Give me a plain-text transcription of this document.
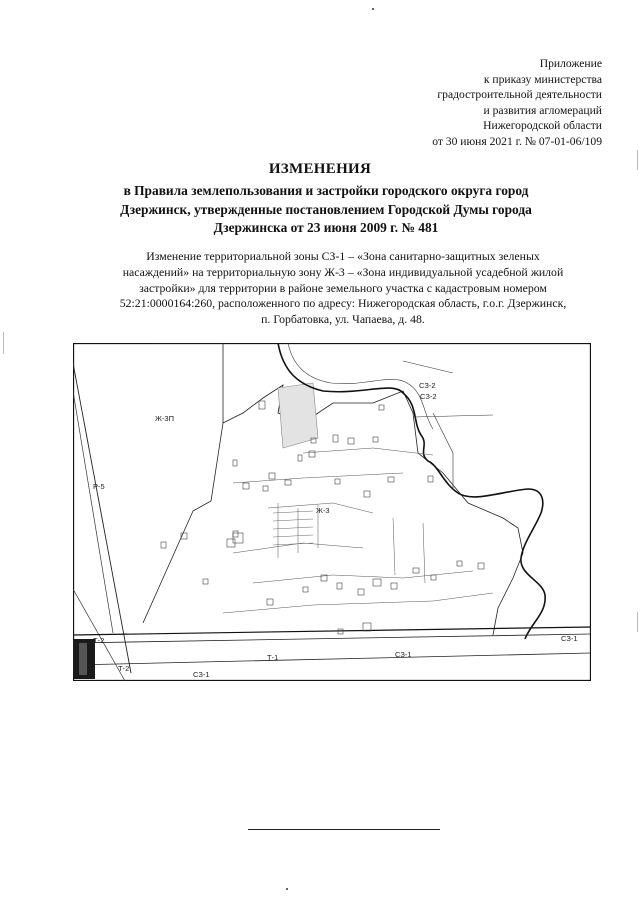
Приложение
к приказу министерства
градостроительной деятельности
и развития агломераций
Нижегородской области
от 30 июня 2021 г. № 07-01-06/109
ИЗМЕНЕНИЯ
в Правила землепользования и застройки городского округа город
Дзержинск, утвержденные постановлением Городской Думы города
Дзержинска от 23 июня 2009 г. № 481
Изменение территориальной зоны СЗ-1 – «Зона санитарно-защитных зеленых
насаждений» на территориальную зону Ж-3 – «Зона индивидуальной усадебной жилой
застройки» для территории в районе земельного участка с кадастровым номером
52:21:0000164:260, расположенного по адресу: Нижегородская область, г.о.г. Дзержинск,
п. Горбатовка, ул. Чапаева, д. 48.
Ж-3П
Р-5
Ж-3
СЗ-2
СЗ-2
Т-1
СЗ-1
СЗ-1
СЗ-1
Т-2
Т-2
